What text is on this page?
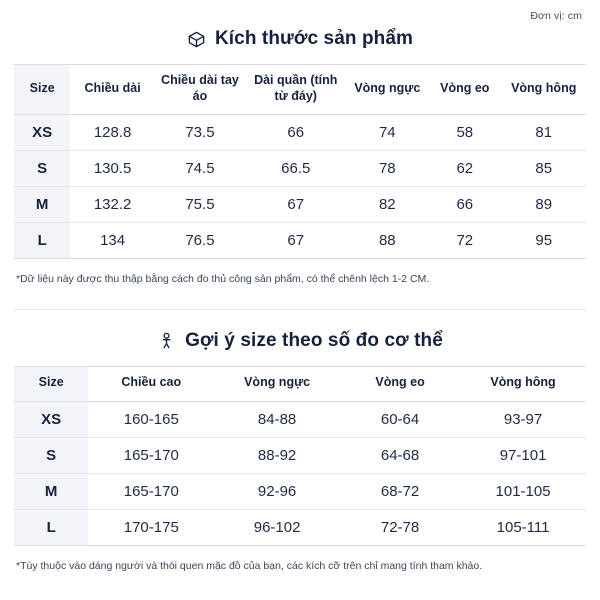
Đơn vị: cm
Kích thước sản phẩm
Size	Chiều dài	Chiều dài tay áo	Dài quần (tính từ đáy)	Vòng ngực	Vòng eo	Vòng hông
XS	128.8	73.5	66	74	58	81
S	130.5	74.5	66.5	78	62	85
M	132.2	75.5	67	82	66	89
L	134	76.5	67	88	72	95
*Dữ liệu này được thu thập bằng cách đo thủ công sản phẩm, có thể chênh lệch 1-2 CM.
Gợi ý size theo số đo cơ thể
Size	Chiều cao	Vòng ngực	Vòng eo	Vòng hông
XS	160-165	84-88	60-64	93-97
S	165-170	88-92	64-68	97-101
M	165-170	92-96	68-72	101-105
L	170-175	96-102	72-78	105-111
*Tùy thuộc vào dáng người và thói quen mặc đồ của bạn, các kích cỡ trên chỉ mang tính tham khảo.
